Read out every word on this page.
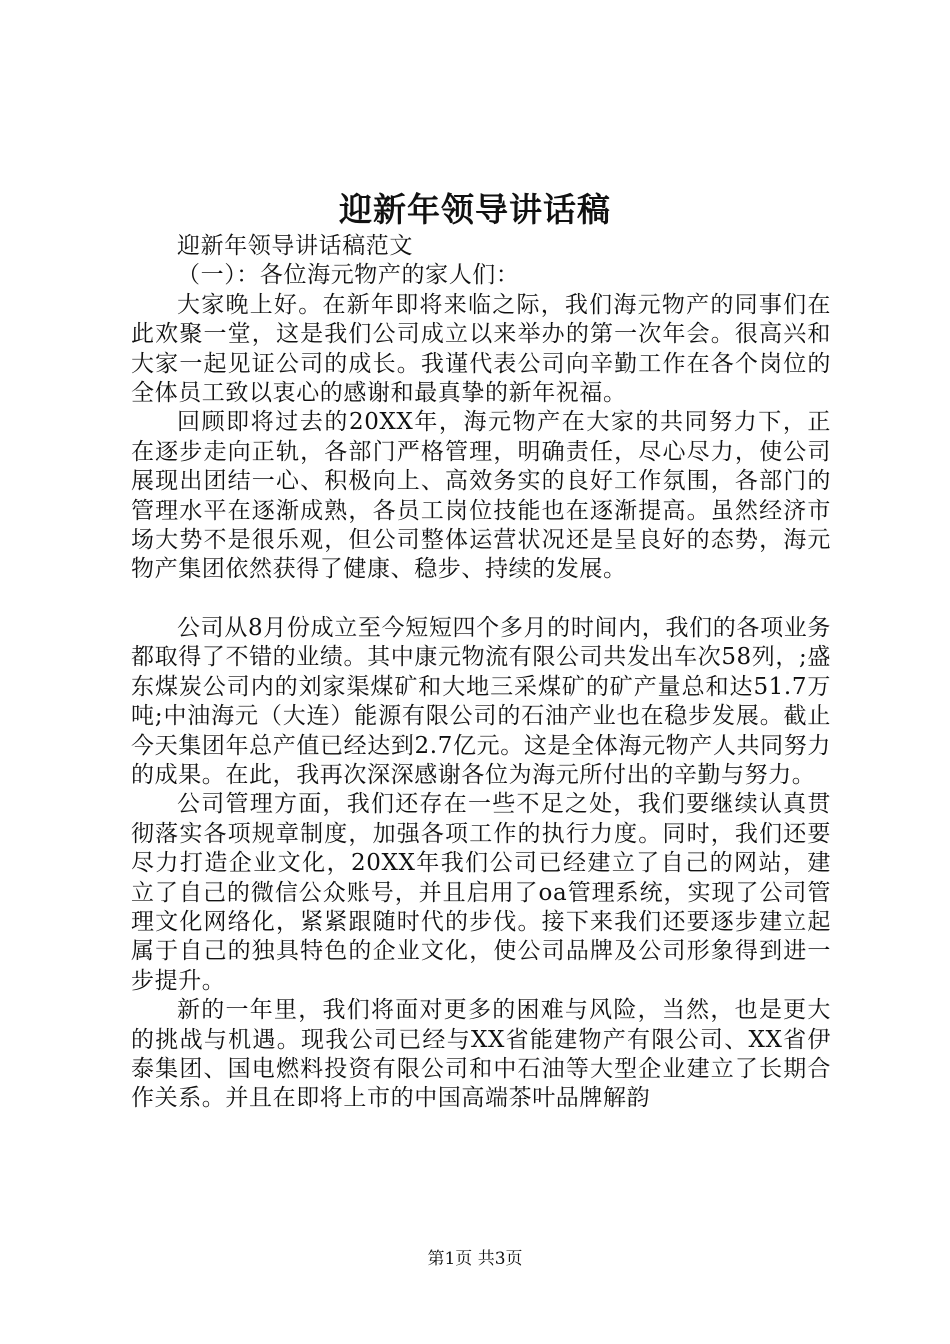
迎新年领导讲话稿

迎新年领导讲话稿范文

（一）：各位海元物产的家人们：

大家晚上好。在新年即将来临之际，我们海元物产的同事们在此欢聚一堂，这是我们公司成立以来举办的第一次年会。很高兴和大家一起见证公司的成长。我谨代表公司向辛勤工作在各个岗位的全体员工致以衷心的感谢和最真挚的新年祝福。

回顾即将过去的20XX年，海元物产在大家的共同努力下，正在逐步走向正轨，各部门严格管理，明确责任，尽心尽力，使公司展现出团结一心、积极向上、高效务实的良好工作氛围，各部门的管理水平在逐渐成熟，各员工岗位技能也在逐渐提高。虽然经济市场大势不是很乐观，但公司整体运营状况还是呈良好的态势，海元物产集团依然获得了健康、稳步、持续的发展。

公司从8月份成立至今短短四个多月的时间内，我们的各项业务都取得了不错的业绩。其中康元物流有限公司共发出车次58列，;盛东煤炭公司内的刘家渠煤矿和大地三采煤矿的矿产量总和达51.7万吨;中油海元（大连）能源有限公司的石油产业也在稳步发展。截止今天集团年总产值已经达到2.7亿元。这是全体海元物产人共同努力的成果。在此，我再次深深感谢各位为海元所付出的辛勤与努力。

公司管理方面，我们还存在一些不足之处，我们要继续认真贯彻落实各项规章制度，加强各项工作的执行力度。同时，我们还要尽力打造企业文化，20XX年我们公司已经建立了自己的网站，建立了自己的微信公众账号，并且启用了oa管理系统，实现了公司管理文化网络化，紧紧跟随时代的步伐。接下来我们还要逐步建立起属于自己的独具特色的企业文化，使公司品牌及公司形象得到进一步提升。

新的一年里，我们将面对更多的困难与风险，当然，也是更大的挑战与机遇。现我公司已经与XX省能建物产有限公司、XX省伊泰集团、国电燃料投资有限公司和中石油等大型企业建立了长期合作关系。并且在即将上市的中国高端茶叶品牌解韵

第1页 共3页
